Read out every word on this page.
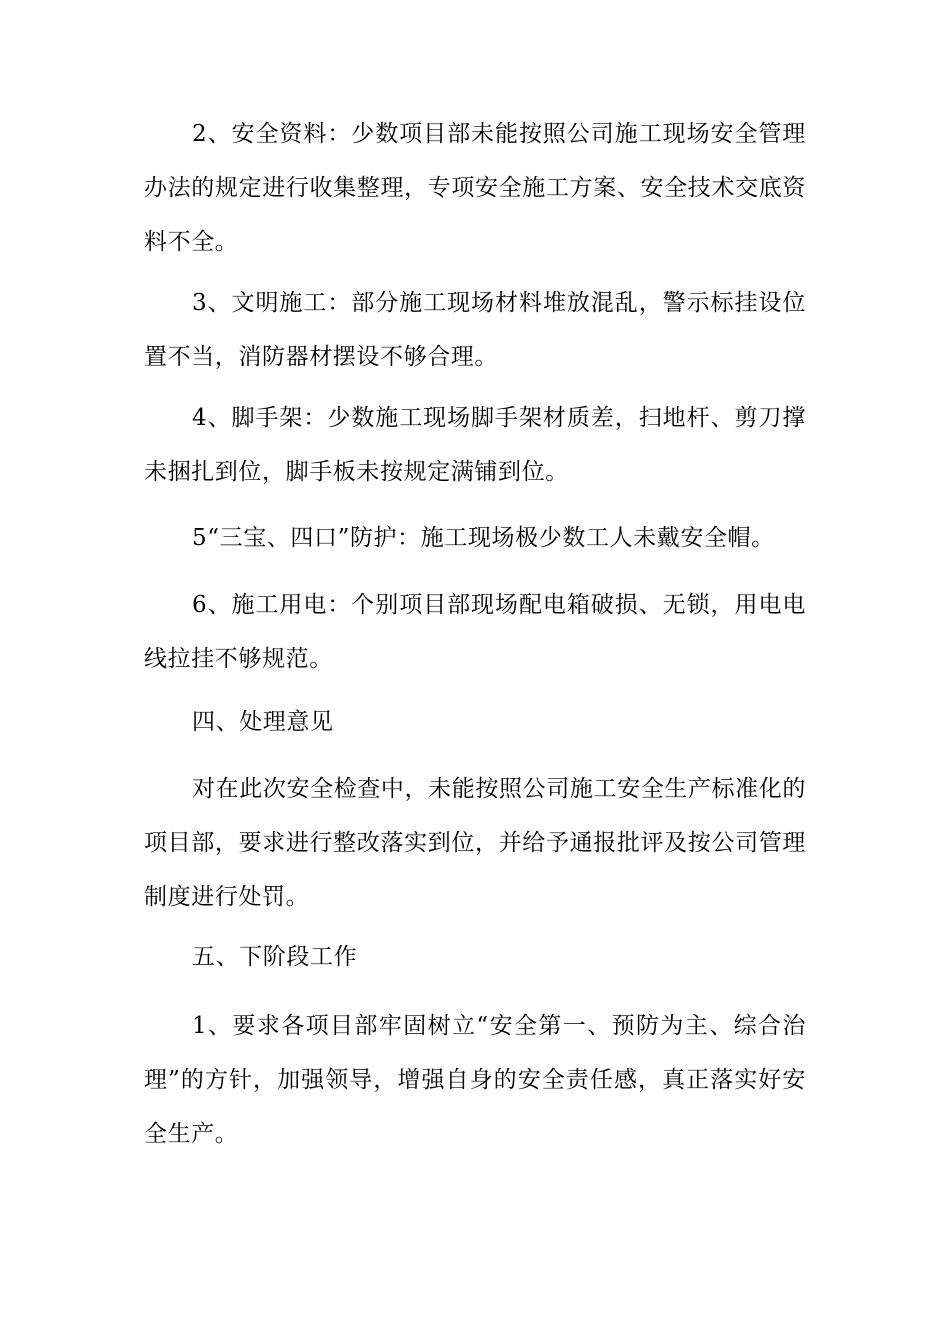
2、安全资料：少数项目部未能按照公司施工现场安全管理办法的规定进行收集整理，专项安全施工方案、安全技术交底资料不全。

3、文明施工：部分施工现场材料堆放混乱，警示标挂设位置不当，消防器材摆设不够合理。

4、脚手架：少数施工现场脚手架材质差，扫地杆、剪刀撑未捆扎到位，脚手板未按规定满铺到位。

5“三宝、四口”防护：施工现场极少数工人未戴安全帽。

6、施工用电：个别项目部现场配电箱破损、无锁，用电电线拉挂不够规范。

四、处理意见

对在此次安全检查中，未能按照公司施工安全生产标准化的项目部，要求进行整改落实到位，并给予通报批评及按公司管理制度进行处罚。

五、下阶段工作

1、要求各项目部牢固树立“安全第一、预防为主、综合治理”的方针，加强领导，增强自身的安全责任感，真正落实好安全生产。
